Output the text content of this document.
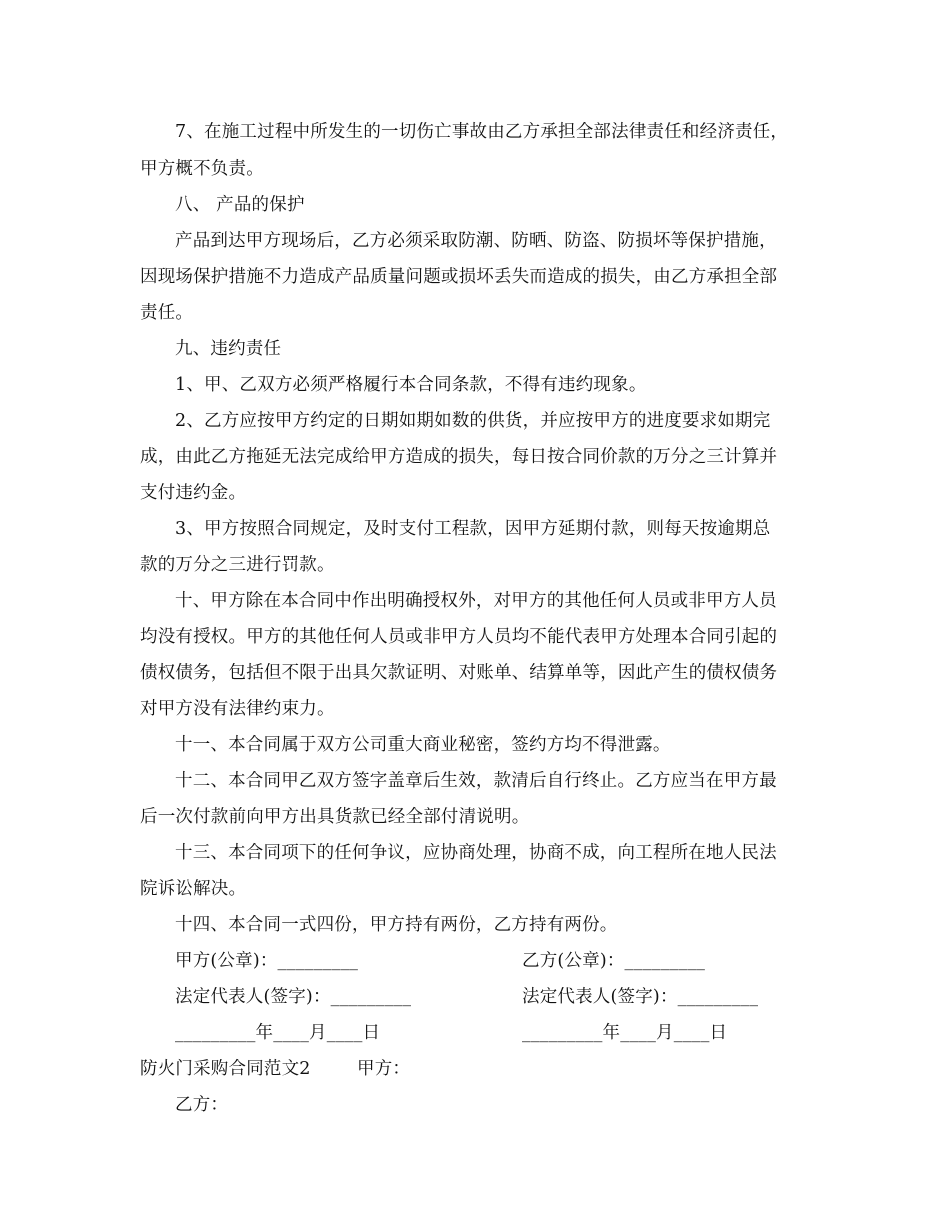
7、在施工过程中所发生的一切伤亡事故由乙方承担全部法律责任和经济责任，
甲方概不负责。
八、 产品的保护
产品到达甲方现场后，乙方必须采取防潮、防晒、防盗、防损坏等保护措施，
因现场保护措施不力造成产品质量问题或损坏丢失而造成的损失，由乙方承担全部
责任。
九、违约责任
1、甲、乙双方必须严格履行本合同条款，不得有违约现象。
2、乙方应按甲方约定的日期如期如数的供货，并应按甲方的进度要求如期完
成，由此乙方拖延无法完成给甲方造成的损失，每日按合同价款的万分之三计算并
支付违约金。
3、甲方按照合同规定，及时支付工程款，因甲方延期付款，则每天按逾期总
款的万分之三进行罚款。
十、甲方除在本合同中作出明确授权外，对甲方的其他任何人员或非甲方人员
均没有授权。甲方的其他任何人员或非甲方人员均不能代表甲方处理本合同引起的
债权债务，包括但不限于出具欠款证明、对账单、结算单等，因此产生的债权债务
对甲方没有法律约束力。
十一、本合同属于双方公司重大商业秘密，签约方均不得泄露。
十二、本合同甲乙双方签字盖章后生效，款清后自行终止。乙方应当在甲方最
后一次付款前向甲方出具货款已经全部付清说明。
十三、本合同项下的任何争议，应协商处理，协商不成，向工程所在地人民法
院诉讼解决。
十四、本合同一式四份，甲方持有两份，乙方持有两份。
甲方(公章)：_________	乙方(公章)：_________
法定代表人(签字)：_________	法定代表人(签字)：_________
_________年____月____日	_________年____月____日
防火门采购合同范文2	甲方：
乙方：
